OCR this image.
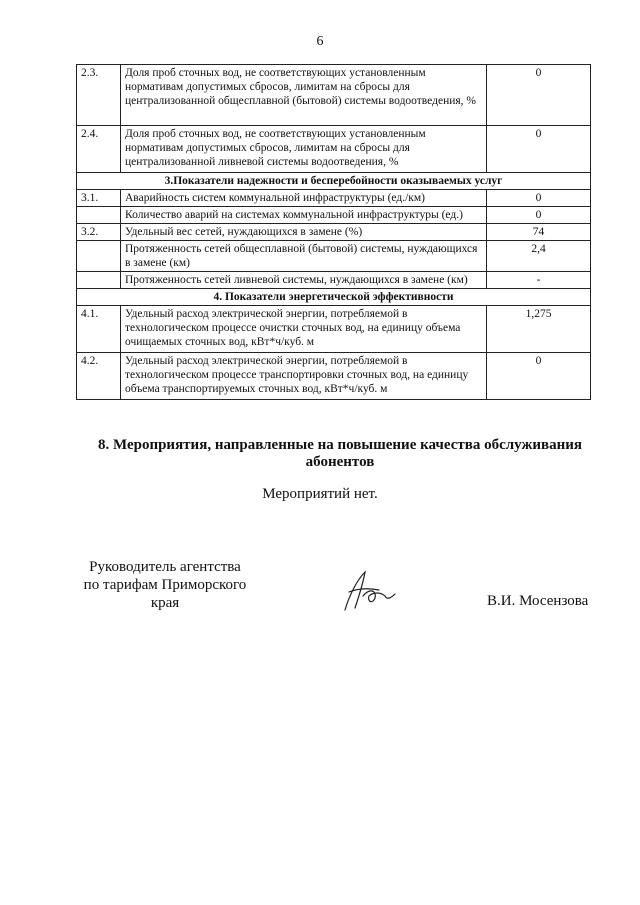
6
2.3.	Доля проб сточных вод, не соответствующих установленным нормативам допустимых сбросов, лимитам на сбросы для централизованной общесплавной (бытовой) системы водоотведения, %	0
2.4.	Доля проб сточных вод, не соответствующих установленным нормативам допустимых сбросов, лимитам на сбросы для централизованной ливневой системы водоотведения, %	0
3.Показатели надежности и бесперебойности оказываемых услуг		
3.1.	Аварийность систем коммунальной инфраструктуры (ед./км)	0
	Количество аварий на системах коммунальной инфраструктуры (ед.)	0
3.2.	Удельный вес сетей, нуждающихся в замене (%)	74
	Протяженность сетей общесплавной (бытовой) системы, нуждающихся в замене (км)	2,4
	Протяженность сетей ливневой системы, нуждающихся в замене (км)	-
4. Показатели энергетической эффективности		
4.1.	Удельный расход электрической энергии, потребляемой в технологическом процессе очистки сточных вод, на единицу объема очищаемых сточных вод, кВт*ч/куб. м	1,275
4.2.	Удельный расход электрической энергии, потребляемой в технологическом процессе транспортировки сточных вод, на единицу объема транспортируемых сточных вод, кВт*ч/куб. м	0
8. Мероприятия, направленные на повышение качества обслуживания абонентов
Мероприятий нет.
Руководитель агентства по тарифам Приморского края	В.И. Мосензова
